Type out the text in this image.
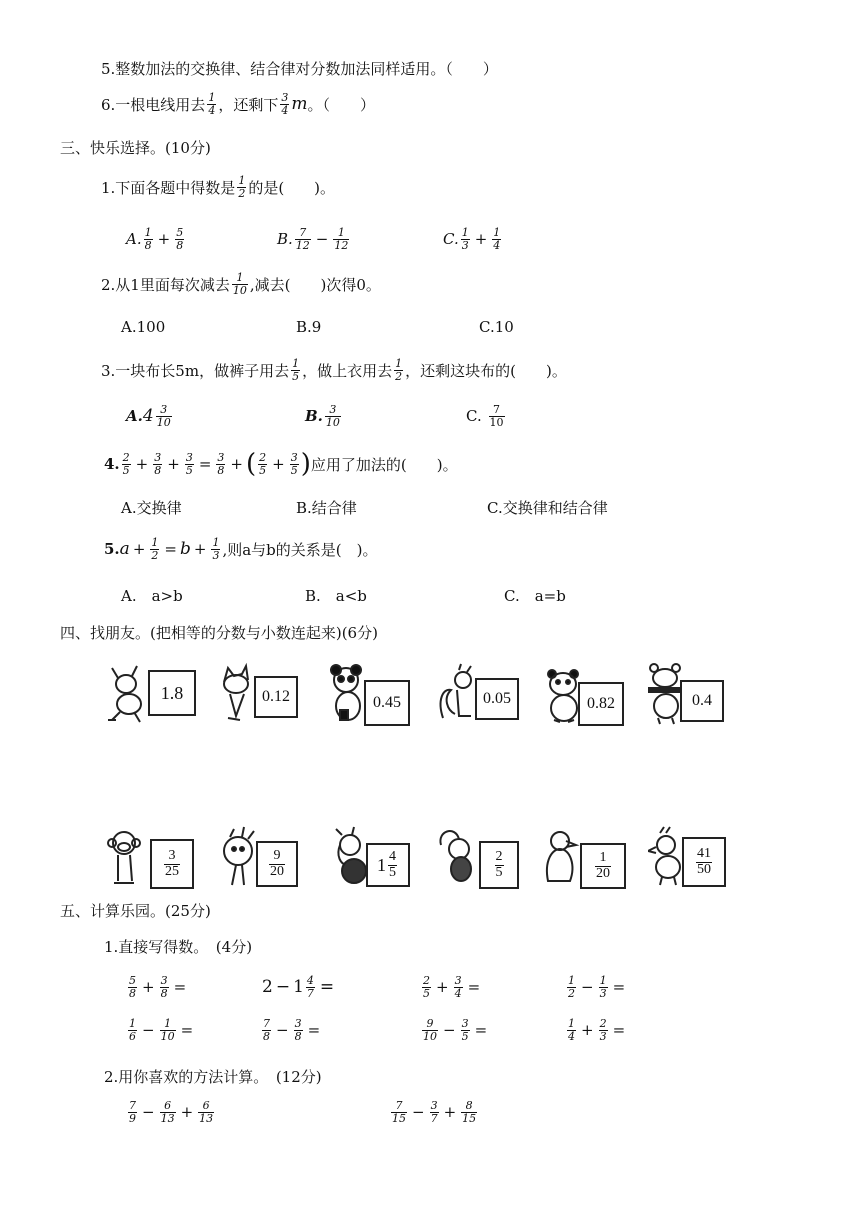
5.整数加法的交换律、结合律对分数加法同样适用。（　　）
6.一根电线用去 $\frac{1}{4}$ ，还剩下 $\frac{3}{4}$ m 。（　　）
三、快乐选择。(10分)
1.下面各题中得数是 $\frac{1}{2}$ 的是(　　)。
A. $\frac{1}{8} + \frac{5}{8}$	B. $\frac{7}{12} - \frac{1}{12}$	C. $\frac{1}{3} + \frac{1}{4}$
2.从1里面每次减去 $\frac{1}{10}$ ,减去(　　)次得0。
A.100	B.9	C.10
3.一块布长5m，做裤子用去 $\frac{1}{5}$ ，做上衣用去 $\frac{1}{2}$ ，还剩这块布的(　　)。
A. $4 \frac{3}{10}$	B. $\frac{3}{10}$	C.
$\frac{7}{10}$
4. $\frac{2}{5} + \frac{3}{8} + \frac{3}{5} = \frac{3}{8}$ + ( $\frac{2}{5} + \frac{3}{5}$ ) 应用了加法的(　　)。
A.交换律	B.结合律	C.交换律和结合律
5. $a + \frac{1}{2} = b + \frac{1}{3}$ ,则a与b的关系是(　)。
A.　a>b	B.　a<b	C.　a=b
四、找朋友。(把相等的分数与小数连起来)(6分)
1.8	0.12	0.45	0.05	0.82	0.4
$\frac{3}{25}$	$\frac{9}{20}$	$1 \frac{4}{5}$	$\frac{2}{5}$	$\frac{1}{20}$	$\frac{41}{50}$
五、计算乐园。(25分)
1.直接写得数。　(4分)
$\frac{5}{8} + \frac{3}{8}$ =	$2 - 1 \frac{4}{7}$ =	$\frac{2}{5} + \frac{3}{4}$ =	$\frac{1}{2} - \frac{1}{3}$ =
$\frac{1}{6} - \frac{1}{10}$ =	$\frac{7}{8} - \frac{3}{8}$ =	$\frac{9}{10} - \frac{3}{5}$ =	$\frac{1}{4} + \frac{2}{3}$ =
2.用你喜欢的方法计算。　(12分)
$\frac{7}{9} - \frac{6}{13} + \frac{6}{13}$	$\frac{7}{15} - \frac{3}{7} + \frac{8}{15}$
